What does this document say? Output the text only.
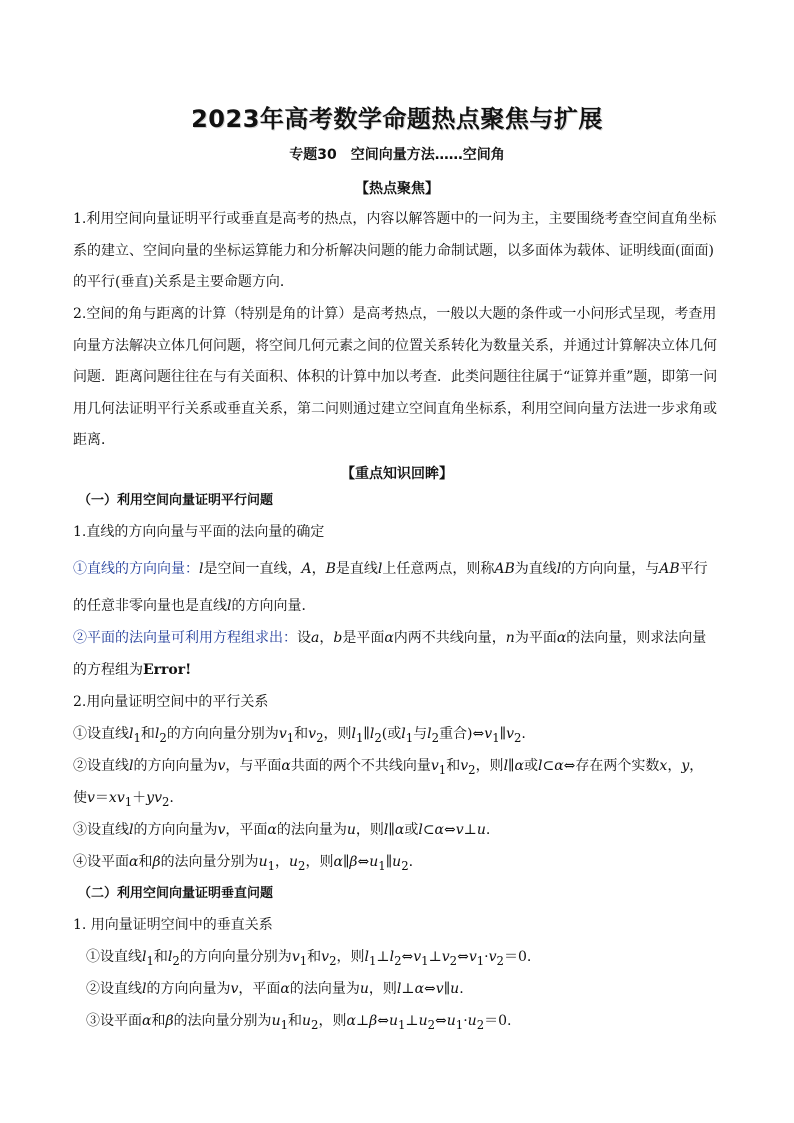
2023年高考数学命题热点聚焦与扩展
专题30　空间向量方法……空间角
【热点聚焦】
1.利用空间向量证明平行或垂直是高考的热点，内容以解答题中的一问为主，主要围绕考查空间直角坐标系的建立、空间向量的坐标运算能力和分析解决问题的能力命制试题，以多面体为载体、证明线面(面面)的平行(垂直)关系是主要命题方向．
2.空间的角与距离的计算（特别是角的计算）是高考热点，一般以大题的条件或一小问形式呈现，考查用向量方法解决立体几何问题，将空间几何元素之间的位置关系转化为数量关系，并通过计算解决立体几何问题．距离问题往往在与有关面积、体积的计算中加以考查．此类问题往往属于“证算并重”题，即第一问用几何法证明平行关系或垂直关系，第二问则通过建立空间直角坐标系，利用空间向量方法进一步求角或距离．
【重点知识回眸】
（一）利用空间向量证明平行问题
1.直线的方向向量与平面的法向量的确定
①直线的方向向量：l是空间一直线，A，B是直线l上任意两点，则称AB为直线l的方向向量，与AB平行
的任意非零向量也是直线l的方向向量．
②平面的法向量可利用方程组求出：设a，b是平面α内两不共线向量，n为平面α的法向量，则求法向量
的方程组为Error!
2.用向量证明空间中的平行关系
①设直线$l_1$和$l_2$的方向向量分别为$v_1$和$v_2$，则$l_1\parallel l_2$(或$l_1$与$l_2$重合)$\Leftrightarrow v_1\parallel v_2$.
②设直线l的方向向量为v，与平面α共面的两个不共线向量$v_1$和$v_2$，则l∥α或l⊂α⇔存在两个实数x，y，
使$v=xv_1+yv_2$.
③设直线l的方向向量为v，平面α的法向量为u，则l∥α或l⊂α⇔v⊥u.
④设平面α和β的法向量分别为$u_1$，$u_2$，则$\alpha\parallel\beta\Leftrightarrow u_1\parallel u_2$.
（二）利用空间向量证明垂直问题
1. 用向量证明空间中的垂直关系
①设直线$l_1$和$l_2$的方向向量分别为$v_1$和$v_2$，则$l_1\perp l_2\Leftrightarrow v_1\perp v_2\Leftrightarrow v_1\cdot v_2=0$.
②设直线l的方向向量为v，平面α的法向量为u，则l⊥α⇔v∥u.
③设平面α和β的法向量分别为$u_1$和$u_2$，则$\alpha\perp\beta\Leftrightarrow u_1\perp u_2\Leftrightarrow u_1\cdot u_2=0$.
